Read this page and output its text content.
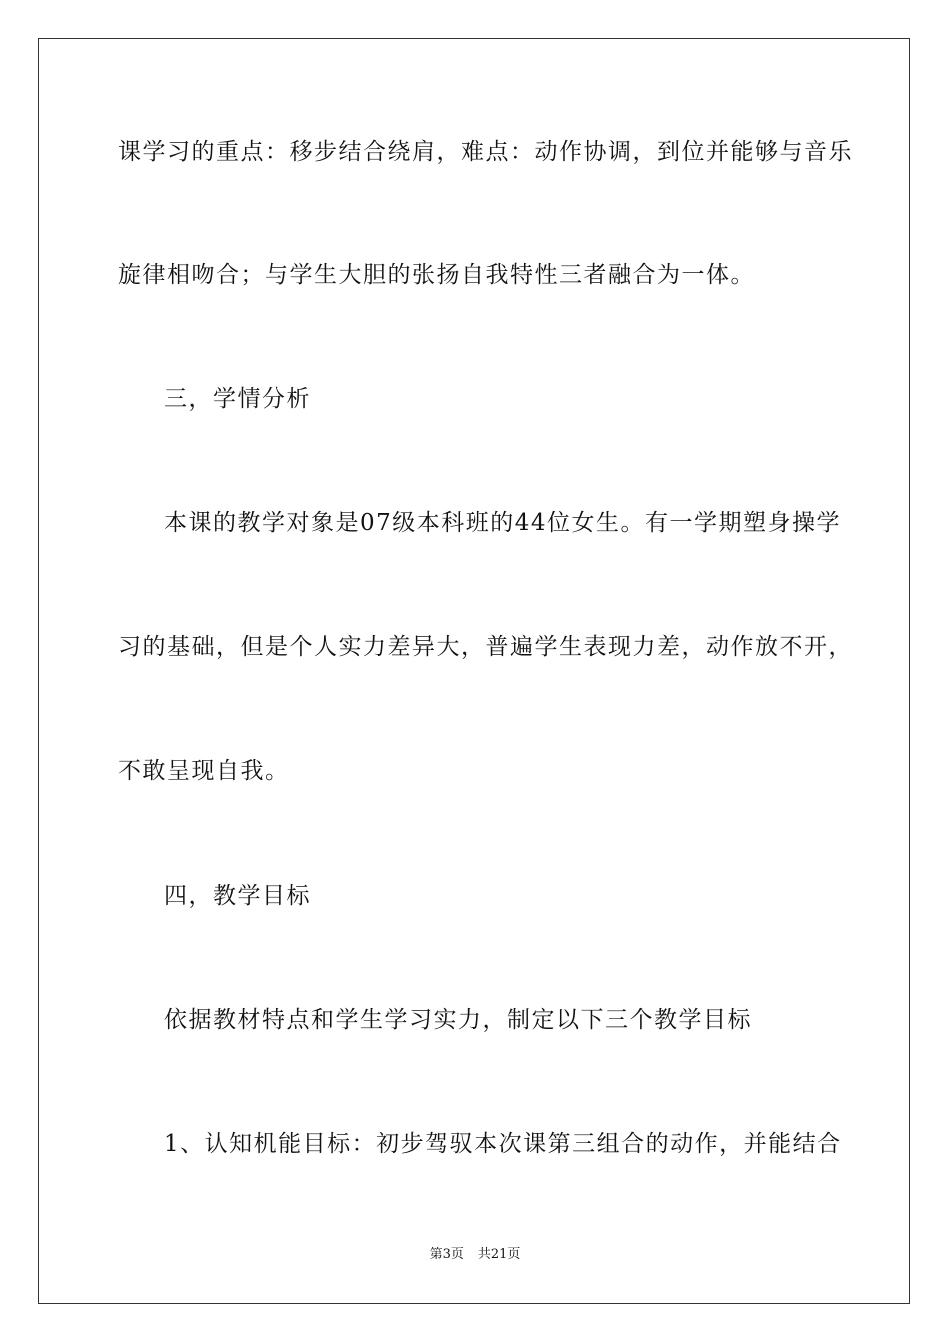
课学习的重点：移步结合绕肩，难点：动作协调，到位并能够与音乐
旋律相吻合；与学生大胆的张扬自我特性三者融合为一体。
三，学情分析
本课的教学对象是07级本科班的44位女生。有一学期塑身操学
习的基础，但是个人实力差异大，普遍学生表现力差，动作放不开，
不敢呈现自我。
四，教学目标
依据教材特点和学生学习实力，制定以下三个教学目标
1、认知机能目标：初步驾驭本次课第三组合的动作，并能结合
第3页 共21页
